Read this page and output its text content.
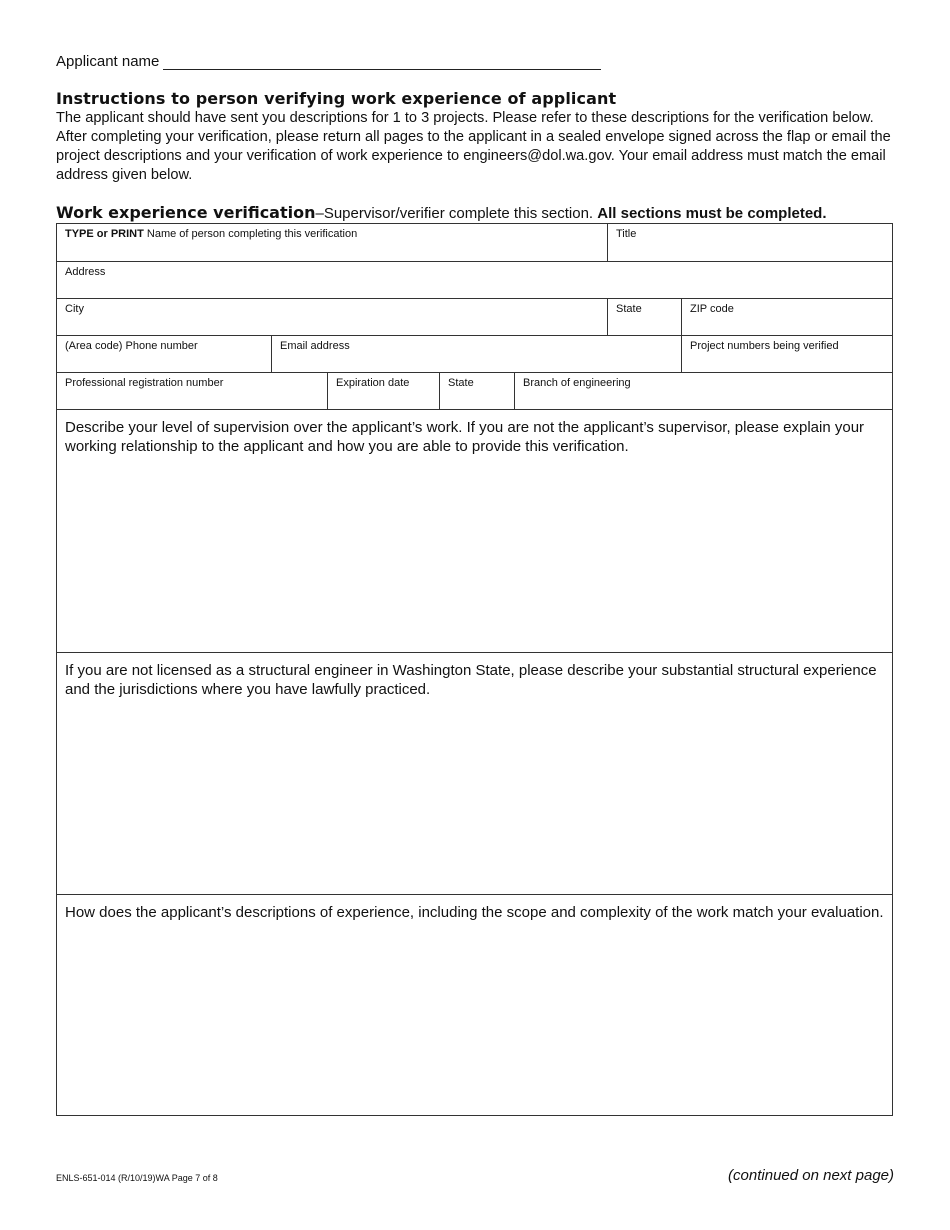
Applicant name
Instructions to person verifying work experience of applicant
The applicant should have sent you descriptions for 1 to 3 projects. Please refer to these descriptions for the verification below. After completing your verification, please return all pages to the applicant in a sealed envelope signed across the flap or email the project descriptions and your verification of work experience to engineers@dol.wa.gov. Your email address must match the email address given below.
Work experience verification–Supervisor/verifier complete this section. All sections must be completed.
TYPE or PRINT Name of person completing this verification	Title
Address
City	State	ZIP code
(Area code) Phone number	Email address	Project numbers being verified
Professional registration number	Expiration date	State	Branch of engineering
Describe your level of supervision over the applicant’s work. If you are not the applicant’s supervisor, please explain your working relationship to the applicant and how you are able to provide this verification.
If you are not licensed as a structural engineer in Washington State, please describe your substantial structural experience and the jurisdictions where you have lawfully practiced.
How does the applicant’s descriptions of experience, including the scope and complexity of the work match your evaluation.
ENLS-651-014 (R/10/19)WA Page 7 of 8	(continued on next page)
